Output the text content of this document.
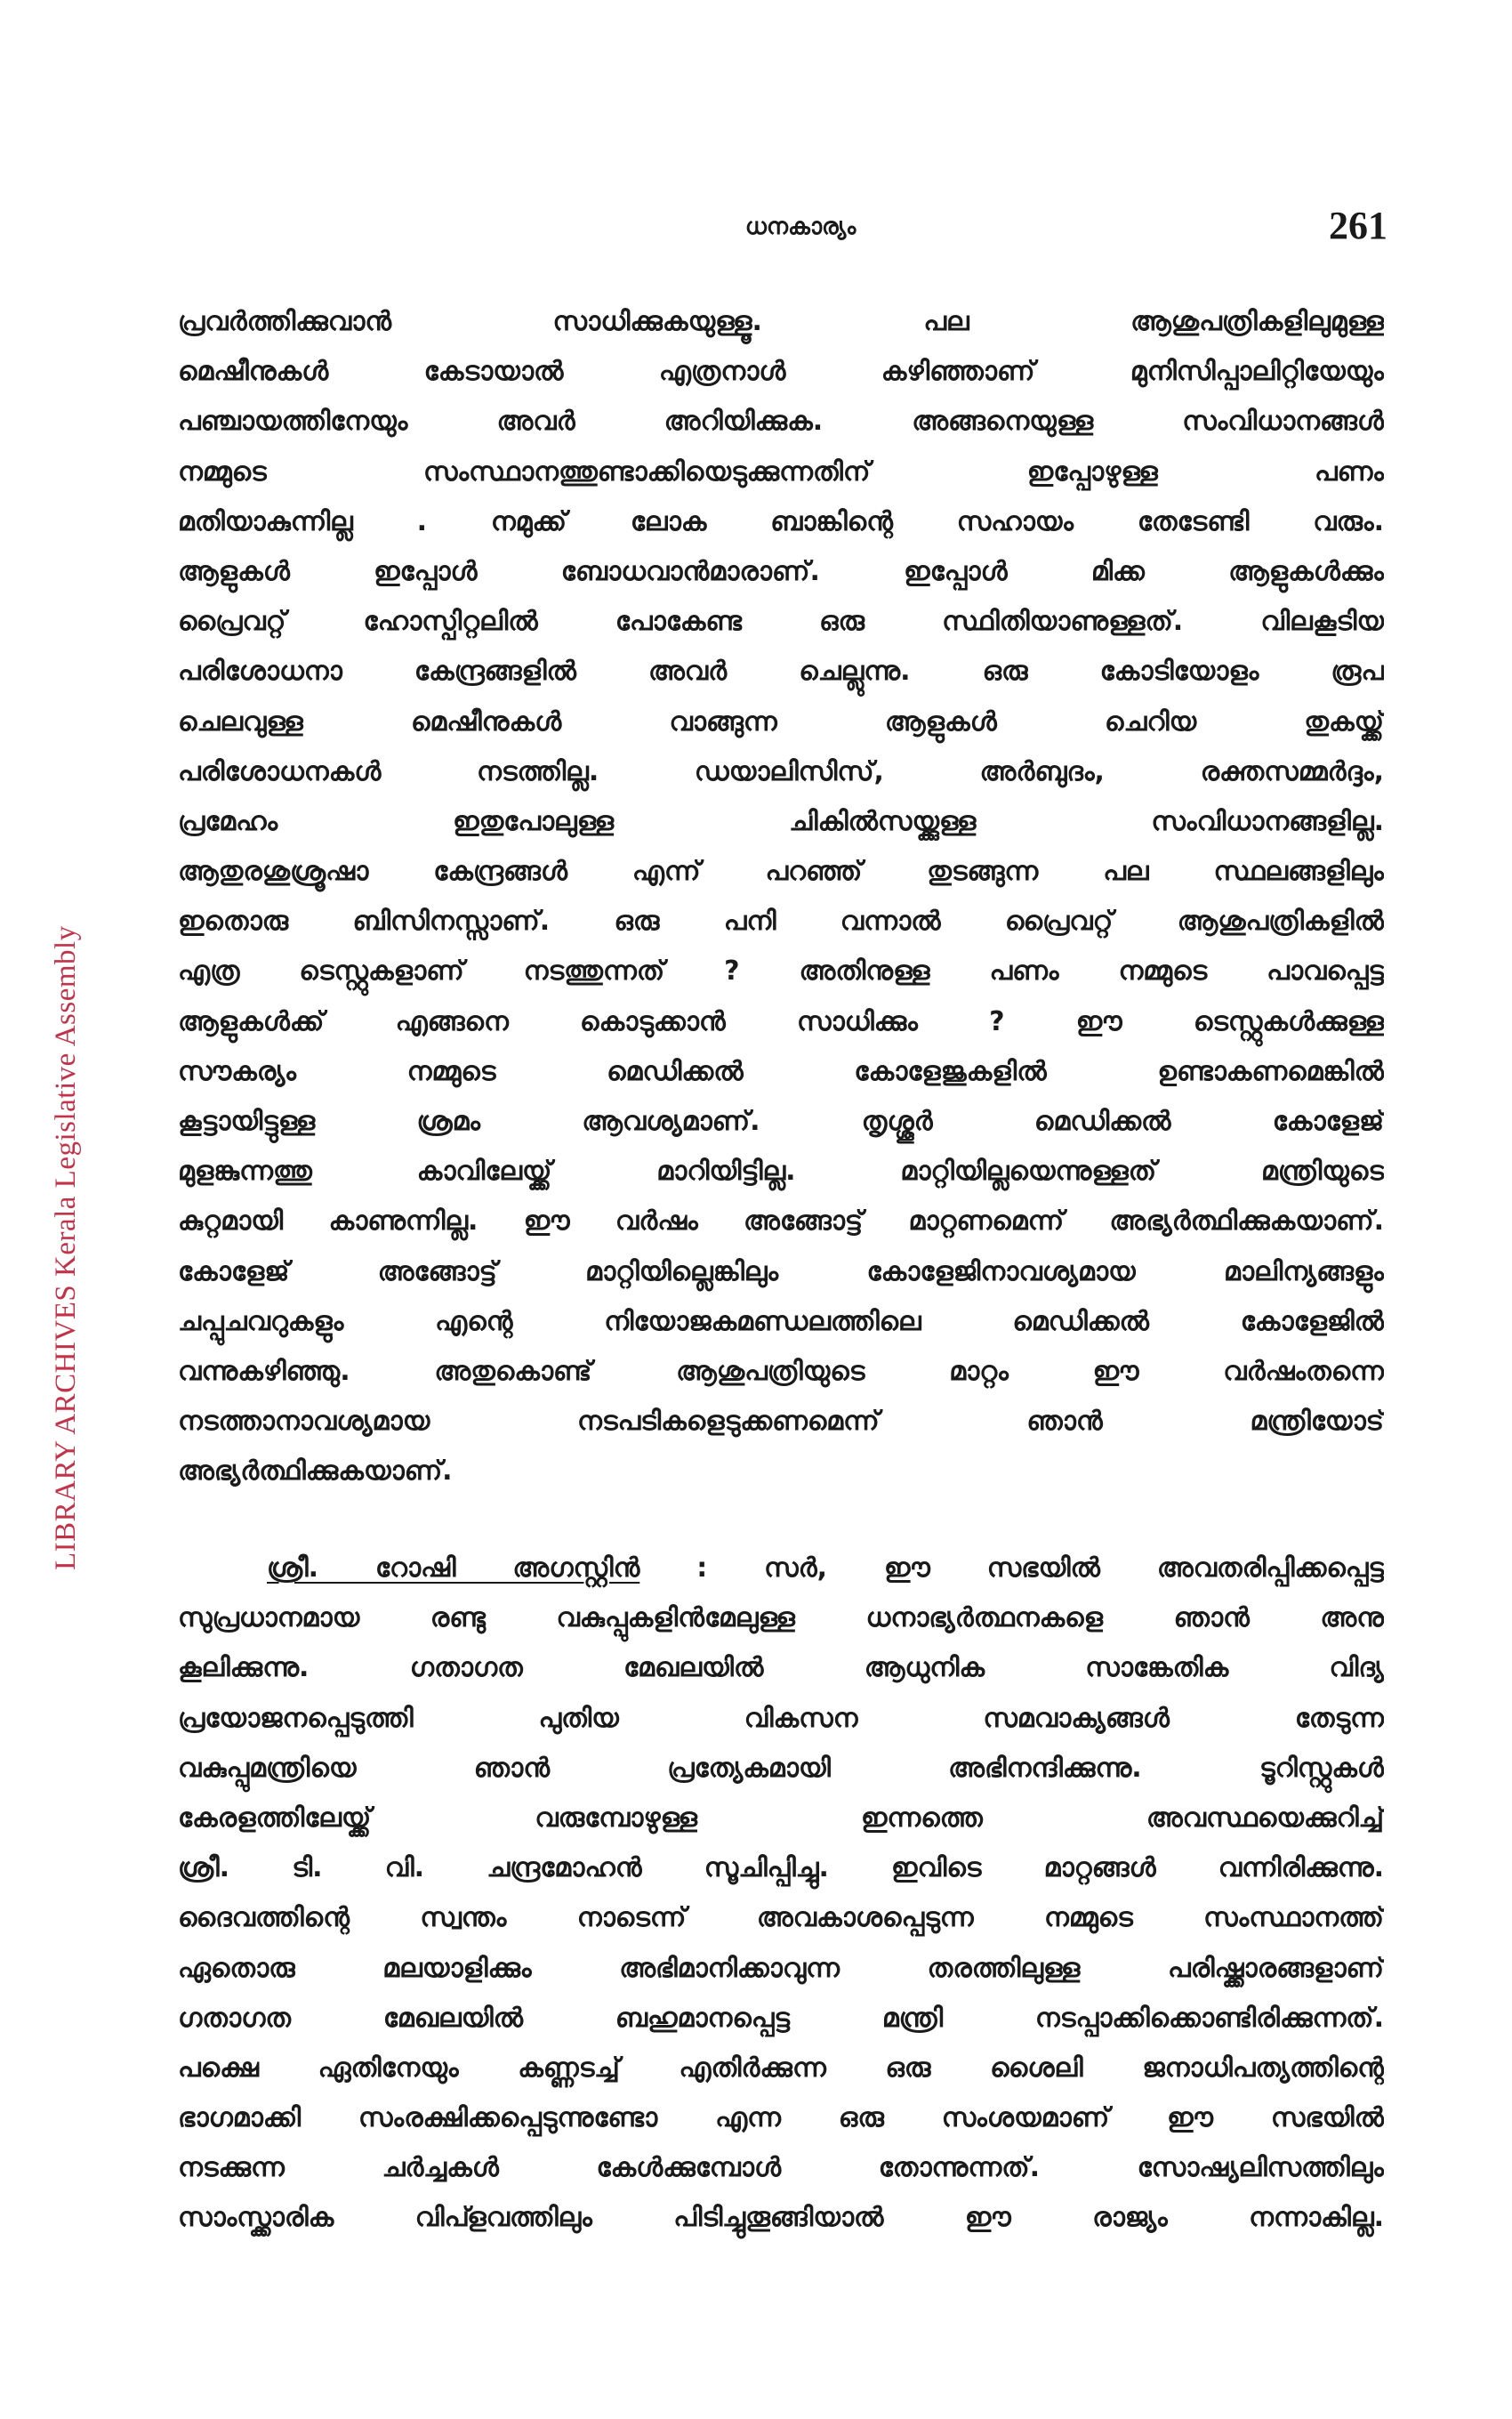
LIBRARY ARCHIVES Kerala Legislative Assembly
ധനകാര്യം	261
പ്രവർത്തിക്കുവാൻ സാധിക്കുകയുള്ളൂ. പല ആശുപത്രികളിലുമുള്ള
മെഷീനുകൾ കേടായാൽ എത്രനാൾ കഴിഞ്ഞാണ് മുനിസിപ്പാലിറ്റിയേയും
പഞ്ചായത്തിനേയും അവർ അറിയിക്കുക. അങ്ങനെയുള്ള സംവിധാനങ്ങൾ
നമ്മുടെ സംസ്ഥാനത്തുണ്ടാക്കിയെടുക്കുന്നതിന് ഇപ്പോഴുള്ള പണം
മതിയാകുന്നില്ല . നമുക്ക് ലോക ബാങ്കിന്റെ സഹായം തേടേണ്ടി വരും.
ആളുകൾ ഇപ്പോൾ ബോധവാൻമാരാണ്. ഇപ്പോൾ മിക്ക ആളുകൾക്കും
പ്രൈവറ്റ് ഹോസ്പിറ്റലിൽ പോകേണ്ട ഒരു സ്ഥിതിയാണുള്ളത്. വിലകൂടിയ
പരിശോധനാ കേന്ദ്രങ്ങളിൽ അവർ ചെല്ലുന്നു. ഒരു കോടിയോളം രൂപ
ചെലവുള്ള മെഷീനുകൾ വാങ്ങുന്ന ആളുകൾ ചെറിയ തുകയ്ക്ക്
പരിശോധനകൾ നടത്തില്ല. ഡയാലിസിസ്, അർബുദം, രക്തസമ്മർദ്ദം,
പ്രമേഹം ഇതുപോലുള്ള ചികിൽസയ്ക്കുള്ള സംവിധാനങ്ങളില്ല.
ആതുരശുശ്രൂഷാ കേന്ദ്രങ്ങൾ എന്ന് പറഞ്ഞ് തുടങ്ങുന്ന പല സ്ഥലങ്ങളിലും
ഇതൊരു ബിസിനസ്സാണ്. ഒരു പനി വന്നാൽ പ്രൈവറ്റ് ആശുപത്രികളിൽ
എത്ര ടെസ്റ്റുകളാണ് നടത്തുന്നത് ? അതിനുള്ള പണം നമ്മുടെ പാവപ്പെട്ട
ആളുകൾക്ക് എങ്ങനെ കൊടുക്കാൻ സാധിക്കും ? ഈ ടെസ്റ്റുകൾക്കുള്ള
സൗകര്യം നമ്മുടെ മെഡിക്കൽ കോളേജുകളിൽ ഉണ്ടാകണമെങ്കിൽ
കൂട്ടായിട്ടുള്ള ശ്രമം ആവശ്യമാണ്. തൃശ്ശൂർ മെഡിക്കൽ കോളേജ്
മുളങ്കുന്നത്തു കാവിലേയ്ക്ക് മാറിയിട്ടില്ല. മാറ്റിയില്ലയെന്നുള്ളത് മന്ത്രിയുടെ
കുറ്റമായി കാണുന്നില്ല. ഈ വർഷം അങ്ങോട്ട് മാറ്റണമെന്ന് അഭ്യർത്ഥിക്കുകയാണ്.
കോളേജ് അങ്ങോട്ട് മാറ്റിയില്ലെങ്കിലും കോളേജിനാവശ്യമായ മാലിന്യങ്ങളും
ചപ്പുചവറുകളും എന്റെ നിയോജകമണ്ഡലത്തിലെ മെഡിക്കൽ കോളേജിൽ
വന്നുകഴിഞ്ഞു. അതുകൊണ്ട് ആശുപത്രിയുടെ മാറ്റം ഈ വർഷംതന്നെ
നടത്താനാവശ്യമായ നടപടികളെടുക്കണമെന്ന് ഞാൻ മന്ത്രിയോട്
അഭ്യർത്ഥിക്കുകയാണ്.
ശ്രീ. റോഷി അഗസ്റ്റിൻ : സർ, ഈ സഭയിൽ അവതരിപ്പിക്കപ്പെട്ട
സുപ്രധാനമായ രണ്ടു വകുപ്പുകളിൻമേലുള്ള ധനാഭ്യർത്ഥനകളെ ഞാൻ അനു
കൂലിക്കുന്നു. ഗതാഗത മേഖലയിൽ ആധുനിക സാങ്കേതിക വിദ്യ
പ്രയോജനപ്പെടുത്തി പുതിയ വികസന സമവാക്യങ്ങൾ തേടുന്ന
വകുപ്പുമന്ത്രിയെ ഞാൻ പ്രത്യേകമായി അഭിനന്ദിക്കുന്നു. ടൂറിസ്റ്റുകൾ
കേരളത്തിലേയ്ക്ക് വരുമ്പോഴുള്ള ഇന്നത്തെ അവസ്ഥയെക്കുറിച്ച്
ശ്രീ. ടി. വി. ചന്ദ്രമോഹൻ സൂചിപ്പിച്ചു. ഇവിടെ മാറ്റങ്ങൾ വന്നിരിക്കുന്നു.
ദൈവത്തിന്റെ സ്വന്തം നാടെന്ന് അവകാശപ്പെടുന്ന നമ്മുടെ സംസ്ഥാനത്ത്
ഏതൊരു മലയാളിക്കും അഭിമാനിക്കാവുന്ന തരത്തിലുള്ള പരിഷ്ക്കാരങ്ങളാണ്
ഗതാഗത മേഖലയിൽ ബഹുമാനപ്പെട്ട മന്ത്രി നടപ്പാക്കിക്കൊണ്ടിരിക്കുന്നത്.
പക്ഷെ ഏതിനേയും കണ്ണടച്ച് എതിർക്കുന്ന ഒരു ശൈലി ജനാധിപത്യത്തിന്റെ
ഭാഗമാക്കി സംരക്ഷിക്കപ്പെടുന്നുണ്ടോ എന്ന ഒരു സംശയമാണ് ഈ സഭയിൽ
നടക്കുന്ന ചർച്ചകൾ കേൾക്കുമ്പോൾ തോന്നുന്നത്. സോഷ്യലിസത്തിലും
സാംസ്ക്കാരിക വിപ്ളവത്തിലും പിടിച്ചുതൂങ്ങിയാൽ ഈ രാജ്യം നന്നാകില്ല.
